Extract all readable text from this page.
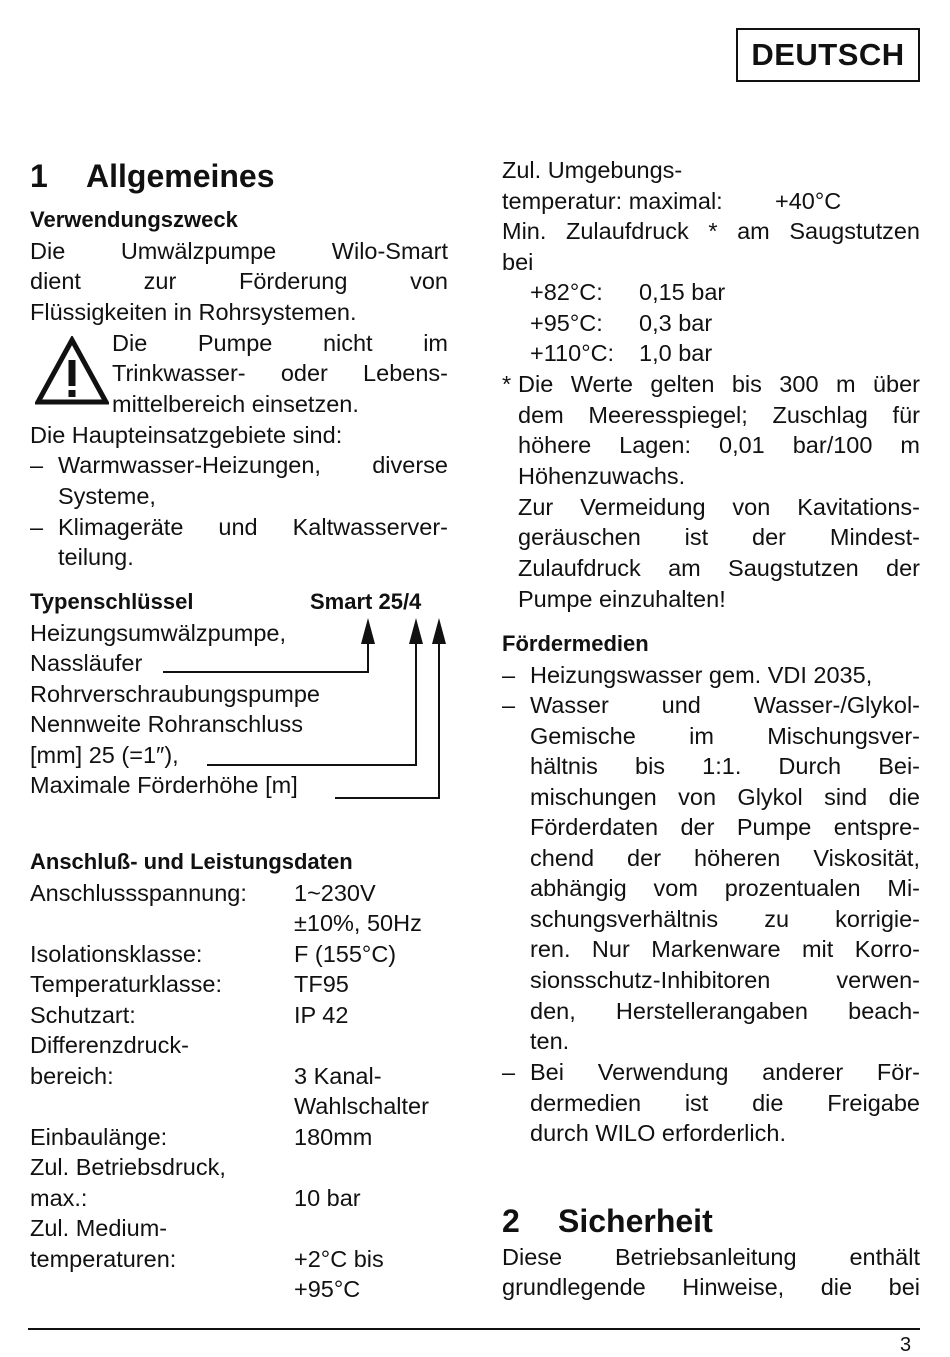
DEUTSCH
1 Allgemeines
Verwendungszweck
Die Umwälzpumpe Wilo-Smart
dient zur Förderung von
Flüssigkeiten in Rohrsystemen.
Die Pumpe nicht im
Trinkwasser- oder Lebens-
mittelbereich einsetzen.
Die Haupteinsatzgebiete sind:
– Warmwasser-Heizungen, diverse
Systeme,
– Klimageräte und Kaltwasserver-
teilung.
Typenschlüssel	Smart 25/4
Heizungsumwälzpumpe,
Nassläufer
Rohrverschraubungspumpe
Nennweite Rohranschluss
[mm] 25 (=1″),
Maximale Förderhöhe [m]
Anschluß- und Leistungsdaten
Anschlussspannung: 1~230V
±10%, 50Hz
Isolationsklasse:	F (155°C)
Temperaturklasse:	TF95
Schutzart:	IP 42
Differenzdruck-
bereich:	3 Kanal-
Wahlschalter
Einbaulänge:	180mm
Zul. Betriebsdruck,
max.:	10 bar
Zul. Medium-
temperaturen:	+2°C bis
+95°C
Zul. Umgebungs-
temperatur: maximal: +40°C
Min. Zulaufdruck * am Saugstutzen
bei
+82°C: 0,15 bar
+95°C: 0,3 bar
+110°C: 1,0 bar
* Die Werte gelten bis 300 m über
dem Meeresspiegel; Zuschlag für
höhere Lagen: 0,01 bar/100 m
Höhenzuwachs.
Zur Vermeidung von Kavitations-
geräuschen ist der Mindest-
Zulaufdruck am Saugstutzen der
Pumpe einzuhalten!
Fördermedien
– Heizungswasser gem. VDI 2035,
– Wasser und Wasser-/Glykol-
Gemische im Mischungsver-
hältnis bis 1:1. Durch Bei-
mischungen von Glykol sind die
Förderdaten der Pumpe entspre-
chend der höheren Viskosität,
abhängig vom prozentualen Mi-
schungsverhältnis zu korrigie-
ren. Nur Markenware mit Korro-
sionsschutz-Inhibitoren verwen-
den, Herstellerangaben beach-
ten.
– Bei Verwendung anderer För-
dermedien ist die Freigabe
durch WILO erforderlich.
2 Sicherheit
Diese Betriebsanleitung enthält
grundlegende Hinweise, die bei
3
